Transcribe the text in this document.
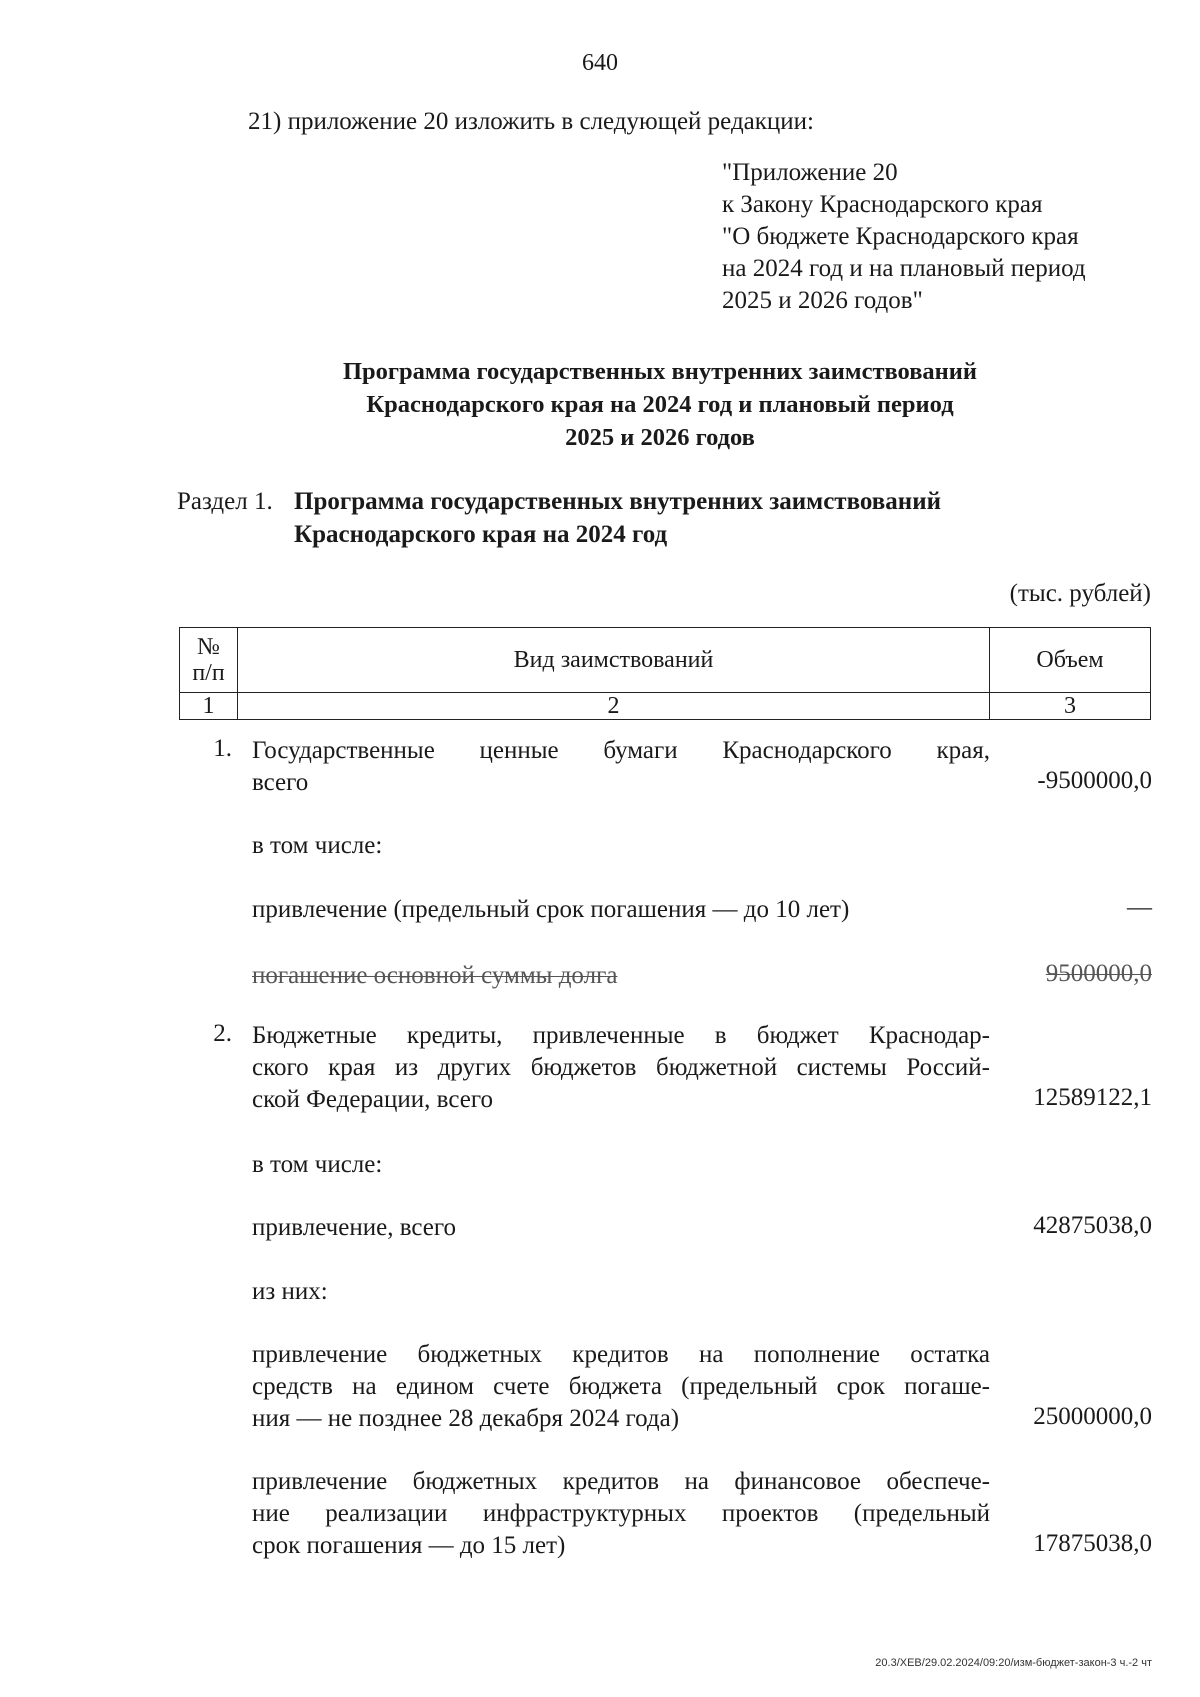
640
21) приложение 20 изложить в следующей редакции:
"Приложение 20
к Закону Краснодарского края
"О бюджете Краснодарского края
на 2024 год и на плановый период
2025 и 2026 годов"
Программа государственных внутренних заимствований
Краснодарского края на 2024 год и плановый период
2025 и 2026 годов
Раздел 1. Программа государственных внутренних заимствований
Краснодарского края на 2024 год
(тыс. рублей)
№
п/п	Вид заимствований	Объем
1	2	3
1. Государственные ценные бумаги Краснодарского края,
всего	-9500000,0
в том числе:
привлечение (предельный срок погашения — до 10 лет)	—
погашение основной суммы долга	9500000,0
2. Бюджетные кредиты, привлеченные в бюджет Краснодар-
ского края из других бюджетов бюджетной системы Россий-
ской Федерации, всего	12589122,1
в том числе:
привлечение, всего	42875038,0
из них:
привлечение бюджетных кредитов на пополнение остатка
средств на едином счете бюджета (предельный срок погаше-
ния — не позднее 28 декабря 2024 года)	25000000,0
привлечение бюджетных кредитов на финансовое обеспече-
ние реализации инфраструктурных проектов (предельный
срок погашения — до 15 лет)	17875038,0
20.3/ХЕВ/29.02.2024/09:20/изм-бюджет-закон-3 ч.-2 чт
